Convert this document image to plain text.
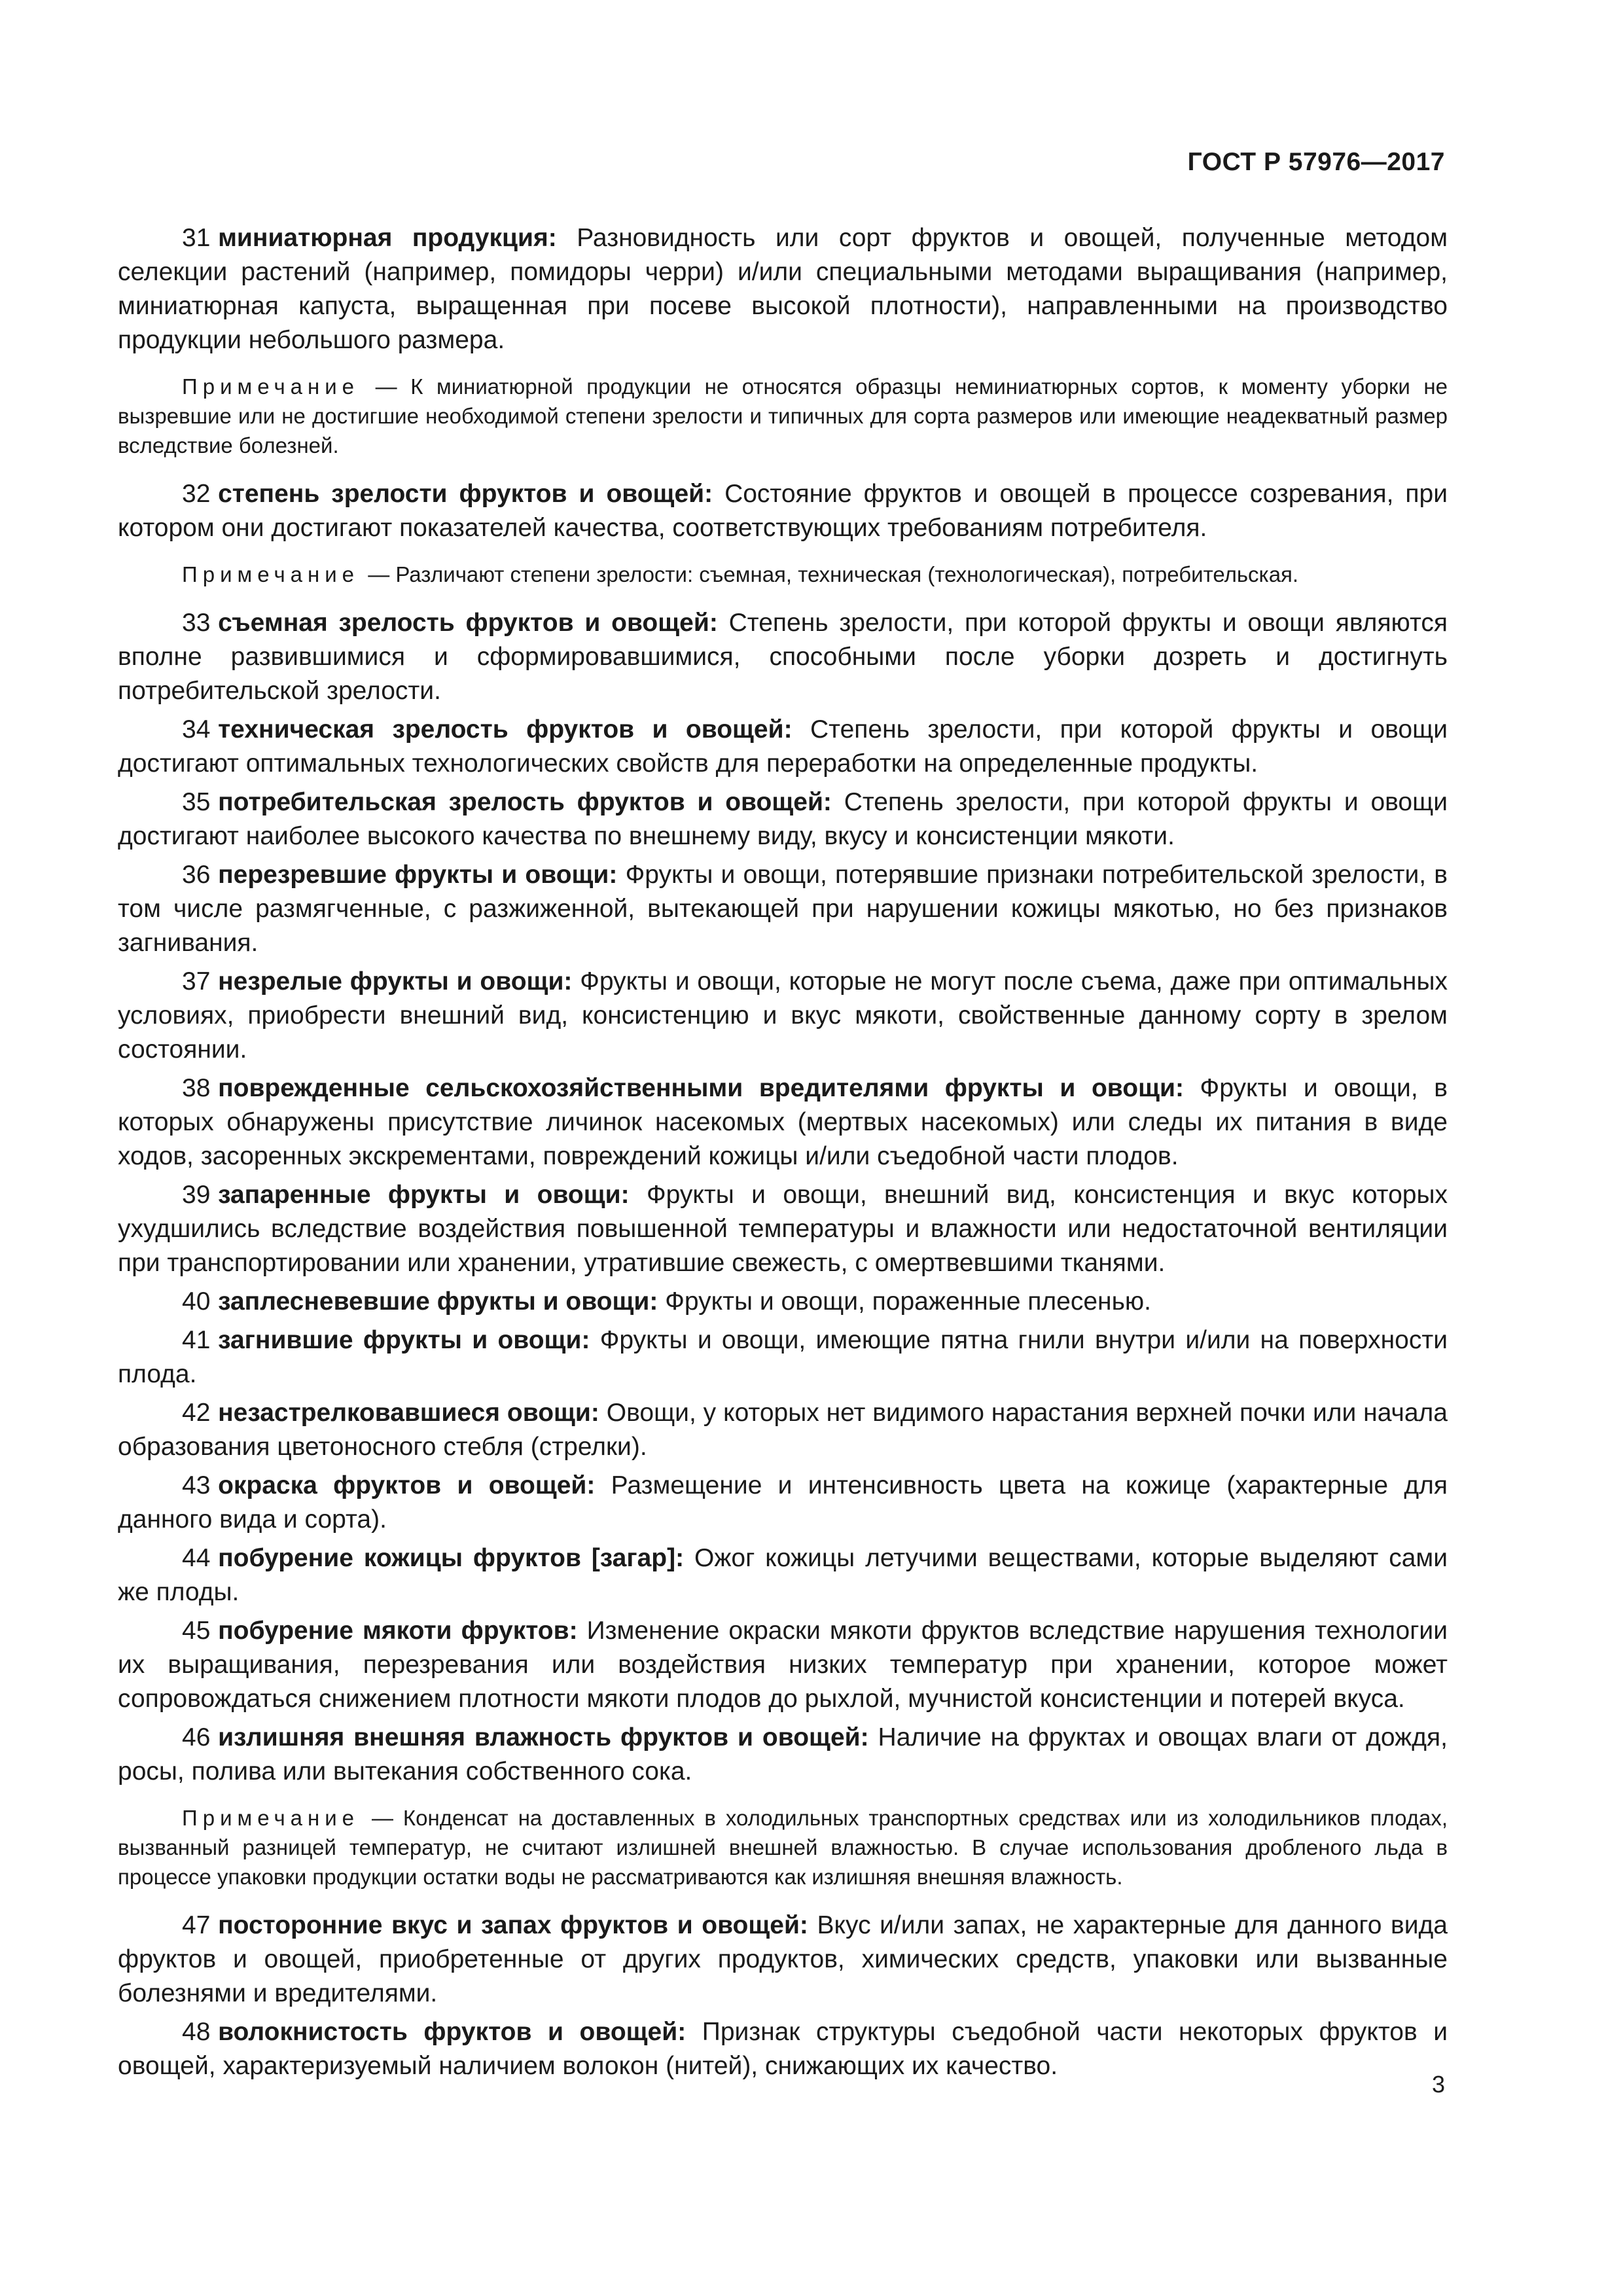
ГОСТ Р 57976—2017

31 миниатюрная продукция: Разновидность или сорт фруктов и овощей, полученные методом селекции растений (например, помидоры черри) и/или специальными методами выращивания (например, миниатюрная капуста, выращенная при посеве высокой плотности), направленными на производство продукции небольшого размера.

Примечание — К миниатюрной продукции не относятся образцы неминиатюрных сортов, к моменту уборки не вызревшие или не достигшие необходимой степени зрелости и типичных для сорта размеров или имеющие неадекватный размер вследствие болезней.

32 степень зрелости фруктов и овощей: Состояние фруктов и овощей в процессе созревания, при котором они достигают показателей качества, соответствующих требованиям потребителя.

Примечание — Различают степени зрелости: съемная, техническая (технологическая), потребительская.

33 съемная зрелость фруктов и овощей: Степень зрелости, при которой фрукты и овощи являются вполне развившимися и сформировавшимися, способными после уборки дозреть и достигнуть потребительской зрелости.

34 техническая зрелость фруктов и овощей: Степень зрелости, при которой фрукты и овощи достигают оптимальных технологических свойств для переработки на определенные продукты.

35 потребительская зрелость фруктов и овощей: Степень зрелости, при которой фрукты и овощи достигают наиболее высокого качества по внешнему виду, вкусу и консистенции мякоти.

36 перезревшие фрукты и овощи: Фрукты и овощи, потерявшие признаки потребительской зрелости, в том числе размягченные, с разжиженной, вытекающей при нарушении кожицы мякотью, но без признаков загнивания.

37 незрелые фрукты и овощи: Фрукты и овощи, которые не могут после съема, даже при оптимальных условиях, приобрести внешний вид, консистенцию и вкус мякоти, свойственные данному сорту в зрелом состоянии.

38 поврежденные сельскохозяйственными вредителями фрукты и овощи: Фрукты и овощи, в которых обнаружены присутствие личинок насекомых (мертвых насекомых) или следы их питания в виде ходов, засоренных экскрементами, повреждений кожицы и/или съедобной части плодов.

39 запаренные фрукты и овощи: Фрукты и овощи, внешний вид, консистенция и вкус которых ухудшились вследствие воздействия повышенной температуры и влажности или недостаточной вентиляции при транспортировании или хранении, утратившие свежесть, с омертвевшими тканями.

40 заплесневевшие фрукты и овощи: Фрукты и овощи, пораженные плесенью.

41 загнившие фрукты и овощи: Фрукты и овощи, имеющие пятна гнили внутри и/или на поверхности плода.

42 незастрелковавшиеся овощи: Овощи, у которых нет видимого нарастания верхней почки или начала образования цветоносного стебля (стрелки).

43 окраска фруктов и овощей: Размещение и интенсивность цвета на кожице (характерные для данного вида и сорта).

44 побурение кожицы фруктов [загар]: Ожог кожицы летучими веществами, которые выделяют сами же плоды.

45 побурение мякоти фруктов: Изменение окраски мякоти фруктов вследствие нарушения технологии их выращивания, перезревания или воздействия низких температур при хранении, которое может сопровождаться снижением плотности мякоти плодов до рыхлой, мучнистой консистенции и потерей вкуса.

46 излишняя внешняя влажность фруктов и овощей: Наличие на фруктах и овощах влаги от дождя, росы, полива или вытекания собственного сока.

Примечание — Конденсат на доставленных в холодильных транспортных средствах или из холодильников плодах, вызванный разницей температур, не считают излишней внешней влажностью. В случае использования дробленого льда в процессе упаковки продукции остатки воды не рассматриваются как излишняя внешняя влажность.

47 посторонние вкус и запах фруктов и овощей: Вкус и/или запах, не характерные для данного вида фруктов и овощей, приобретенные от других продуктов, химических средств, упаковки или вызванные болезнями и вредителями.

48 волокнистость фруктов и овощей: Признак структуры съедобной части некоторых фруктов и овощей, характеризуемый наличием волокон (нитей), снижающих их качество.

3
